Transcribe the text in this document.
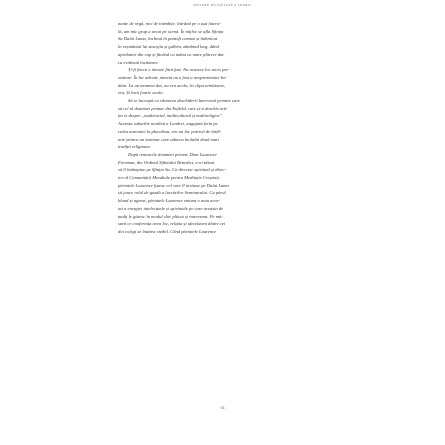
DESPRE BUNĂTATEA INIMII

nunte de orgă, nici de trâmbițe. Intrând pe o ușă latera-
lă, am mic grup a urcat pe scenă. În mijloc se afla Sfinția
Sa Dalai Lama, înclinat în pantofi comozi și îmbrăcat
în veșmântul lui stacojiu și galben, zâmbind larg, dând
aprobator din cap și făcând cu mâna cu mare plăcere dar
cu evidentă încântare.

Ți-fi făcea o intrare fără fast. Nu avusese loc nicio pre-
zentare. În lor adevăr, nimeni nu a fost a neoprezentare bo-
data. La un moment dat, nu era acolo; în clipa următoare,
era. Și încă foarte acolo.

Să se înceapă cu cântarea deschiderii bun-venit primire care
să cel al doamnei primar din Enfield, care și-a deschis oră-
ția ei despre „multiracial, multicultural și multireligios”.
Aceasta suburbie nordică a Londrei, angajată ferm pe
calea armoniei în pluralism, era un loc potrivit de întâl-
nire pentru un seminar care aducea laolaltă două mari
tradiții religioase.

După remarcile doamnei primar, Dom Laurence
Freeman, din Ordinul Sfântului Benedict, s-a ridicat
să îl întâmpine pe Sfinția Sa. Ca director spiritual și direc-
tor al Comunității Mondiale pentru Meditație Creștină,
părintele Laurence fusese cel care îl invitase pe Dalai Lama
să joace rolul de gazdă a lucrărilor Seminarului. Cu părul
blond și agreat, părintele Laurence emana o nota acor-
tat a energiei intelectuale și spirituale pe care aceasta de
mulți le găsesc în modul clar plăcut și interesant. Pe mă-
sură ce conferința avea loc, relația și afecțiunea dintre cei
doi colegi se întărea vizibil. Când părintele Laurence

64
